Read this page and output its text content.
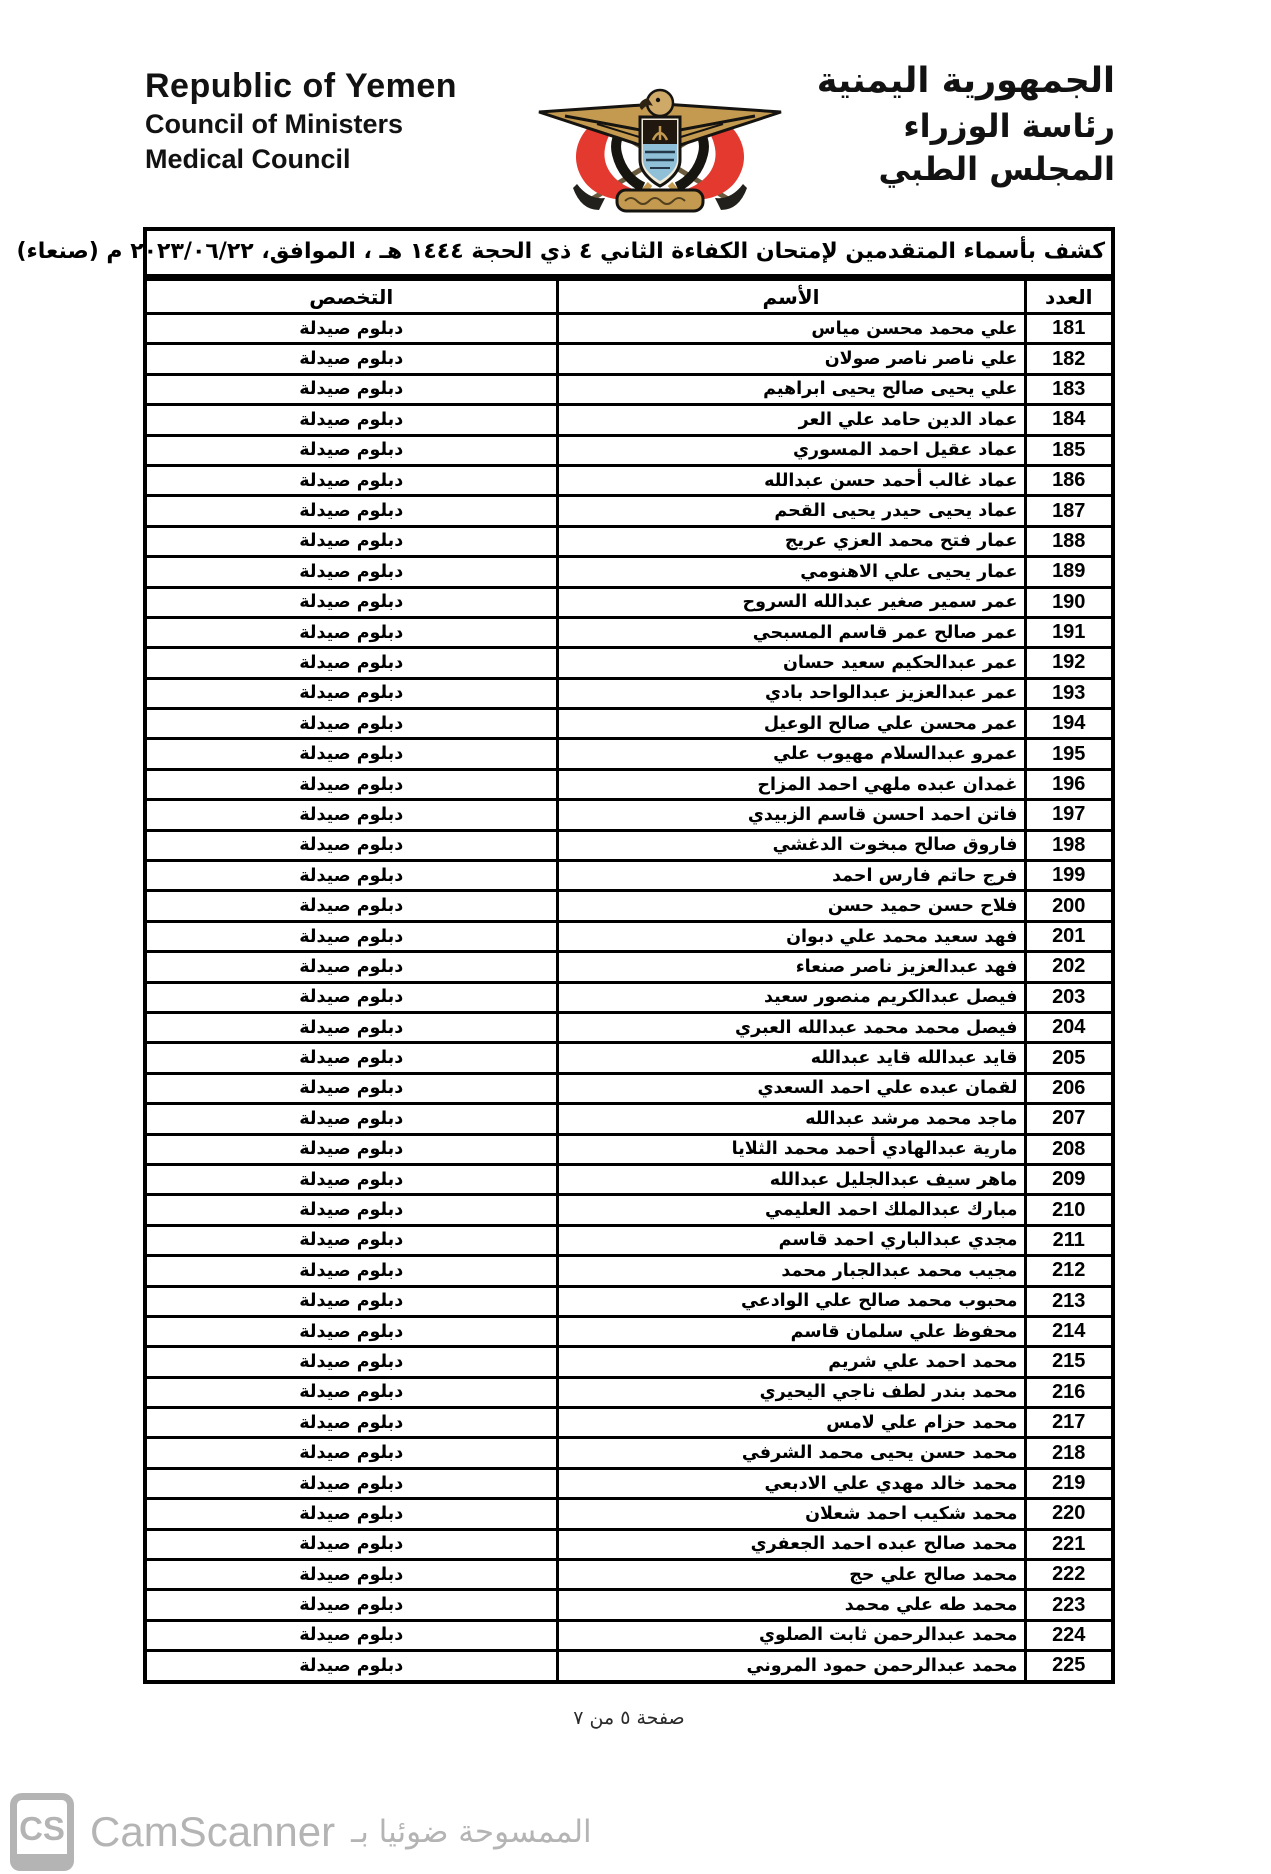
Republic of Yemen
Council of Ministers
Medical Council
الجمهورية اليمنية
رئاسة الوزراء
المجلس الطبي
كشف بأسماء المتقدمين لإمتحان الكفاءة الثاني ٤ ذي الحجة ١٤٤٤ هـ ، الموافق، ٢٠٢٣/٠٦/٢٢ م (صنعاء)
العدد	الأسم	التخصص
181	علي محمد محسن مياس	دبلوم صيدلة
182	علي ناصر ناصر صولان	دبلوم صيدلة
183	علي يحيى صالح يحيى ابراهيم	دبلوم صيدلة
184	عماد الدين حامد علي العر	دبلوم صيدلة
185	عماد عقيل احمد المسوري	دبلوم صيدلة
186	عماد غالب أحمد حسن عبدالله	دبلوم صيدلة
187	عماد يحيى حيدر يحيى القحم	دبلوم صيدلة
188	عمار فتح محمد العزي عريج	دبلوم صيدلة
189	عمار يحيى علي الاهنومي	دبلوم صيدلة
190	عمر سمير صغير عبدالله السروح	دبلوم صيدلة
191	عمر صالح عمر قاسم المسبحي	دبلوم صيدلة
192	عمر عبدالحكيم سعيد حسان	دبلوم صيدلة
193	عمر عبدالعزيز عبدالواحد بادي	دبلوم صيدلة
194	عمر محسن علي صالح الوعيل	دبلوم صيدلة
195	عمرو عبدالسلام مهيوب علي	دبلوم صيدلة
196	غمدان عبده ملهي احمد المزاح	دبلوم صيدلة
197	فاتن احمد احسن قاسم الزبيدي	دبلوم صيدلة
198	فاروق صالح مبخوت الدغشي	دبلوم صيدلة
199	فرج حاتم فارس احمد	دبلوم صيدلة
200	فلاح حسن حميد حسن	دبلوم صيدلة
201	فهد سعيد محمد علي دبوان	دبلوم صيدلة
202	فهد عبدالعزيز ناصر صنعاء	دبلوم صيدلة
203	فيصل عبدالكريم منصور سعيد	دبلوم صيدلة
204	فيصل محمد محمد عبدالله العبري	دبلوم صيدلة
205	قايد عبدالله قايد عبدالله	دبلوم صيدلة
206	لقمان عبده علي احمد السعدي	دبلوم صيدلة
207	ماجد محمد مرشد عبدالله	دبلوم صيدلة
208	مارية عبدالهادي أحمد محمد الثلايا	دبلوم صيدلة
209	ماهر سيف عبدالجليل عبدالله	دبلوم صيدلة
210	مبارك عبدالملك احمد العليمي	دبلوم صيدلة
211	مجدي عبدالباري احمد قاسم	دبلوم صيدلة
212	مجيب محمد عبدالجبار محمد	دبلوم صيدلة
213	محبوب محمد صالح علي الوادعي	دبلوم صيدلة
214	محفوظ علي سلمان قاسم	دبلوم صيدلة
215	محمد احمد علي شريم	دبلوم صيدلة
216	محمد بندر لطف ناجي اليحيري	دبلوم صيدلة
217	محمد حزام علي لامس	دبلوم صيدلة
218	محمد حسن يحيى محمد الشرفي	دبلوم صيدلة
219	محمد خالد مهدي علي الادبعي	دبلوم صيدلة
220	محمد شكيب احمد شعلان	دبلوم صيدلة
221	محمد صالح عبده احمد الجعفري	دبلوم صيدلة
222	محمد صالح علي حج	دبلوم صيدلة
223	محمد طه علي محمد	دبلوم صيدلة
224	محمد عبدالرحمن ثابت الصلوي	دبلوم صيدلة
225	محمد عبدالرحمن حمود المروني	دبلوم صيدلة
صفحة ٥ من ٧
CS CamScanner الممسوحة ضوئيا بـ
